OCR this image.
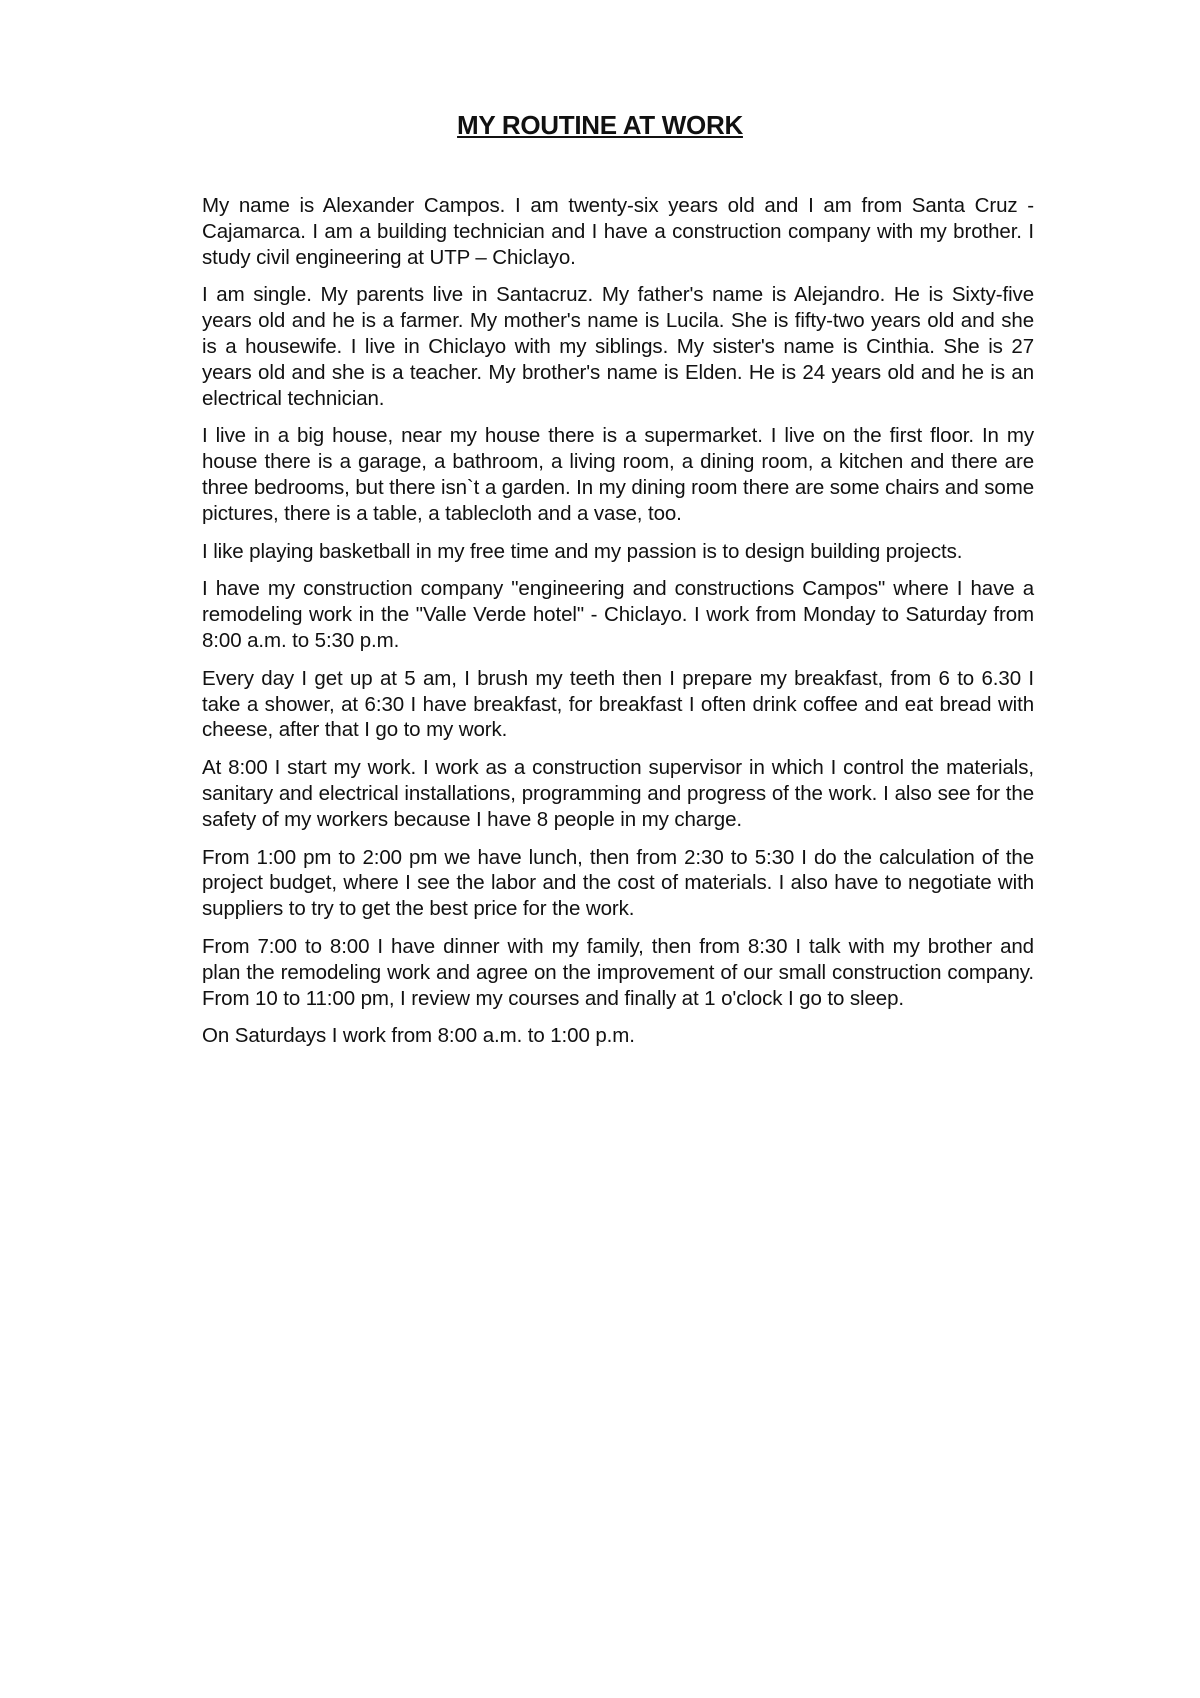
MY ROUTINE AT WORK

My name is Alexander Campos. I am twenty-six years old and I am from Santa Cruz - Cajamarca. I am a building technician and I have a construction company with my brother. I study civil engineering at UTP – Chiclayo.

I am single. My parents live in Santacruz. My father's name is Alejandro. He is Sixty-five years old and he is a farmer. My mother's name is Lucila. She is fifty-two years old and she is a housewife. I live in Chiclayo with my siblings. My sister's name is Cinthia. She is 27 years old and she is a teacher. My brother's name is Elden. He is 24 years old and he is an electrical technician.

I live in a big house, near my house there is a supermarket. I live on the first floor. In my house there is a garage, a bathroom, a living room, a dining room, a kitchen and there are three bedrooms, but there isn`t a garden. In my dining room there are some chairs and some pictures, there is a table, a tablecloth and a vase, too.

I like playing basketball in my free time and my passion is to design building projects.

I have my construction company "engineering and constructions Campos" where I have a remodeling work in the "Valle Verde hotel" - Chiclayo. I work from Monday to Saturday from 8:00 a.m. to 5:30 p.m.

Every day I get up at 5 am, I brush my teeth then I prepare my breakfast, from 6 to 6.30 I take a shower, at 6:30 I have breakfast, for breakfast I often drink coffee and eat bread with cheese, after that I go to my work.

At 8:00 I start my work. I work as a construction supervisor in which I control the materials, sanitary and electrical installations, programming and progress of the work. I also see for the safety of my workers because I have 8 people in my charge.

From 1:00 pm to 2:00 pm we have lunch, then from 2:30 to 5:30 I do the calculation of the project budget, where I see the labor and the cost of materials. I also have to negotiate with suppliers to try to get the best price for the work.

From 7:00 to 8:00 I have dinner with my family, then from 8:30 I talk with my brother and plan the remodeling work and agree on the improvement of our small construction company. From 10 to 11:00 pm, I review my courses and finally at 1 o'clock I go to sleep.

On Saturdays I work from 8:00 a.m. to 1:00 p.m.
